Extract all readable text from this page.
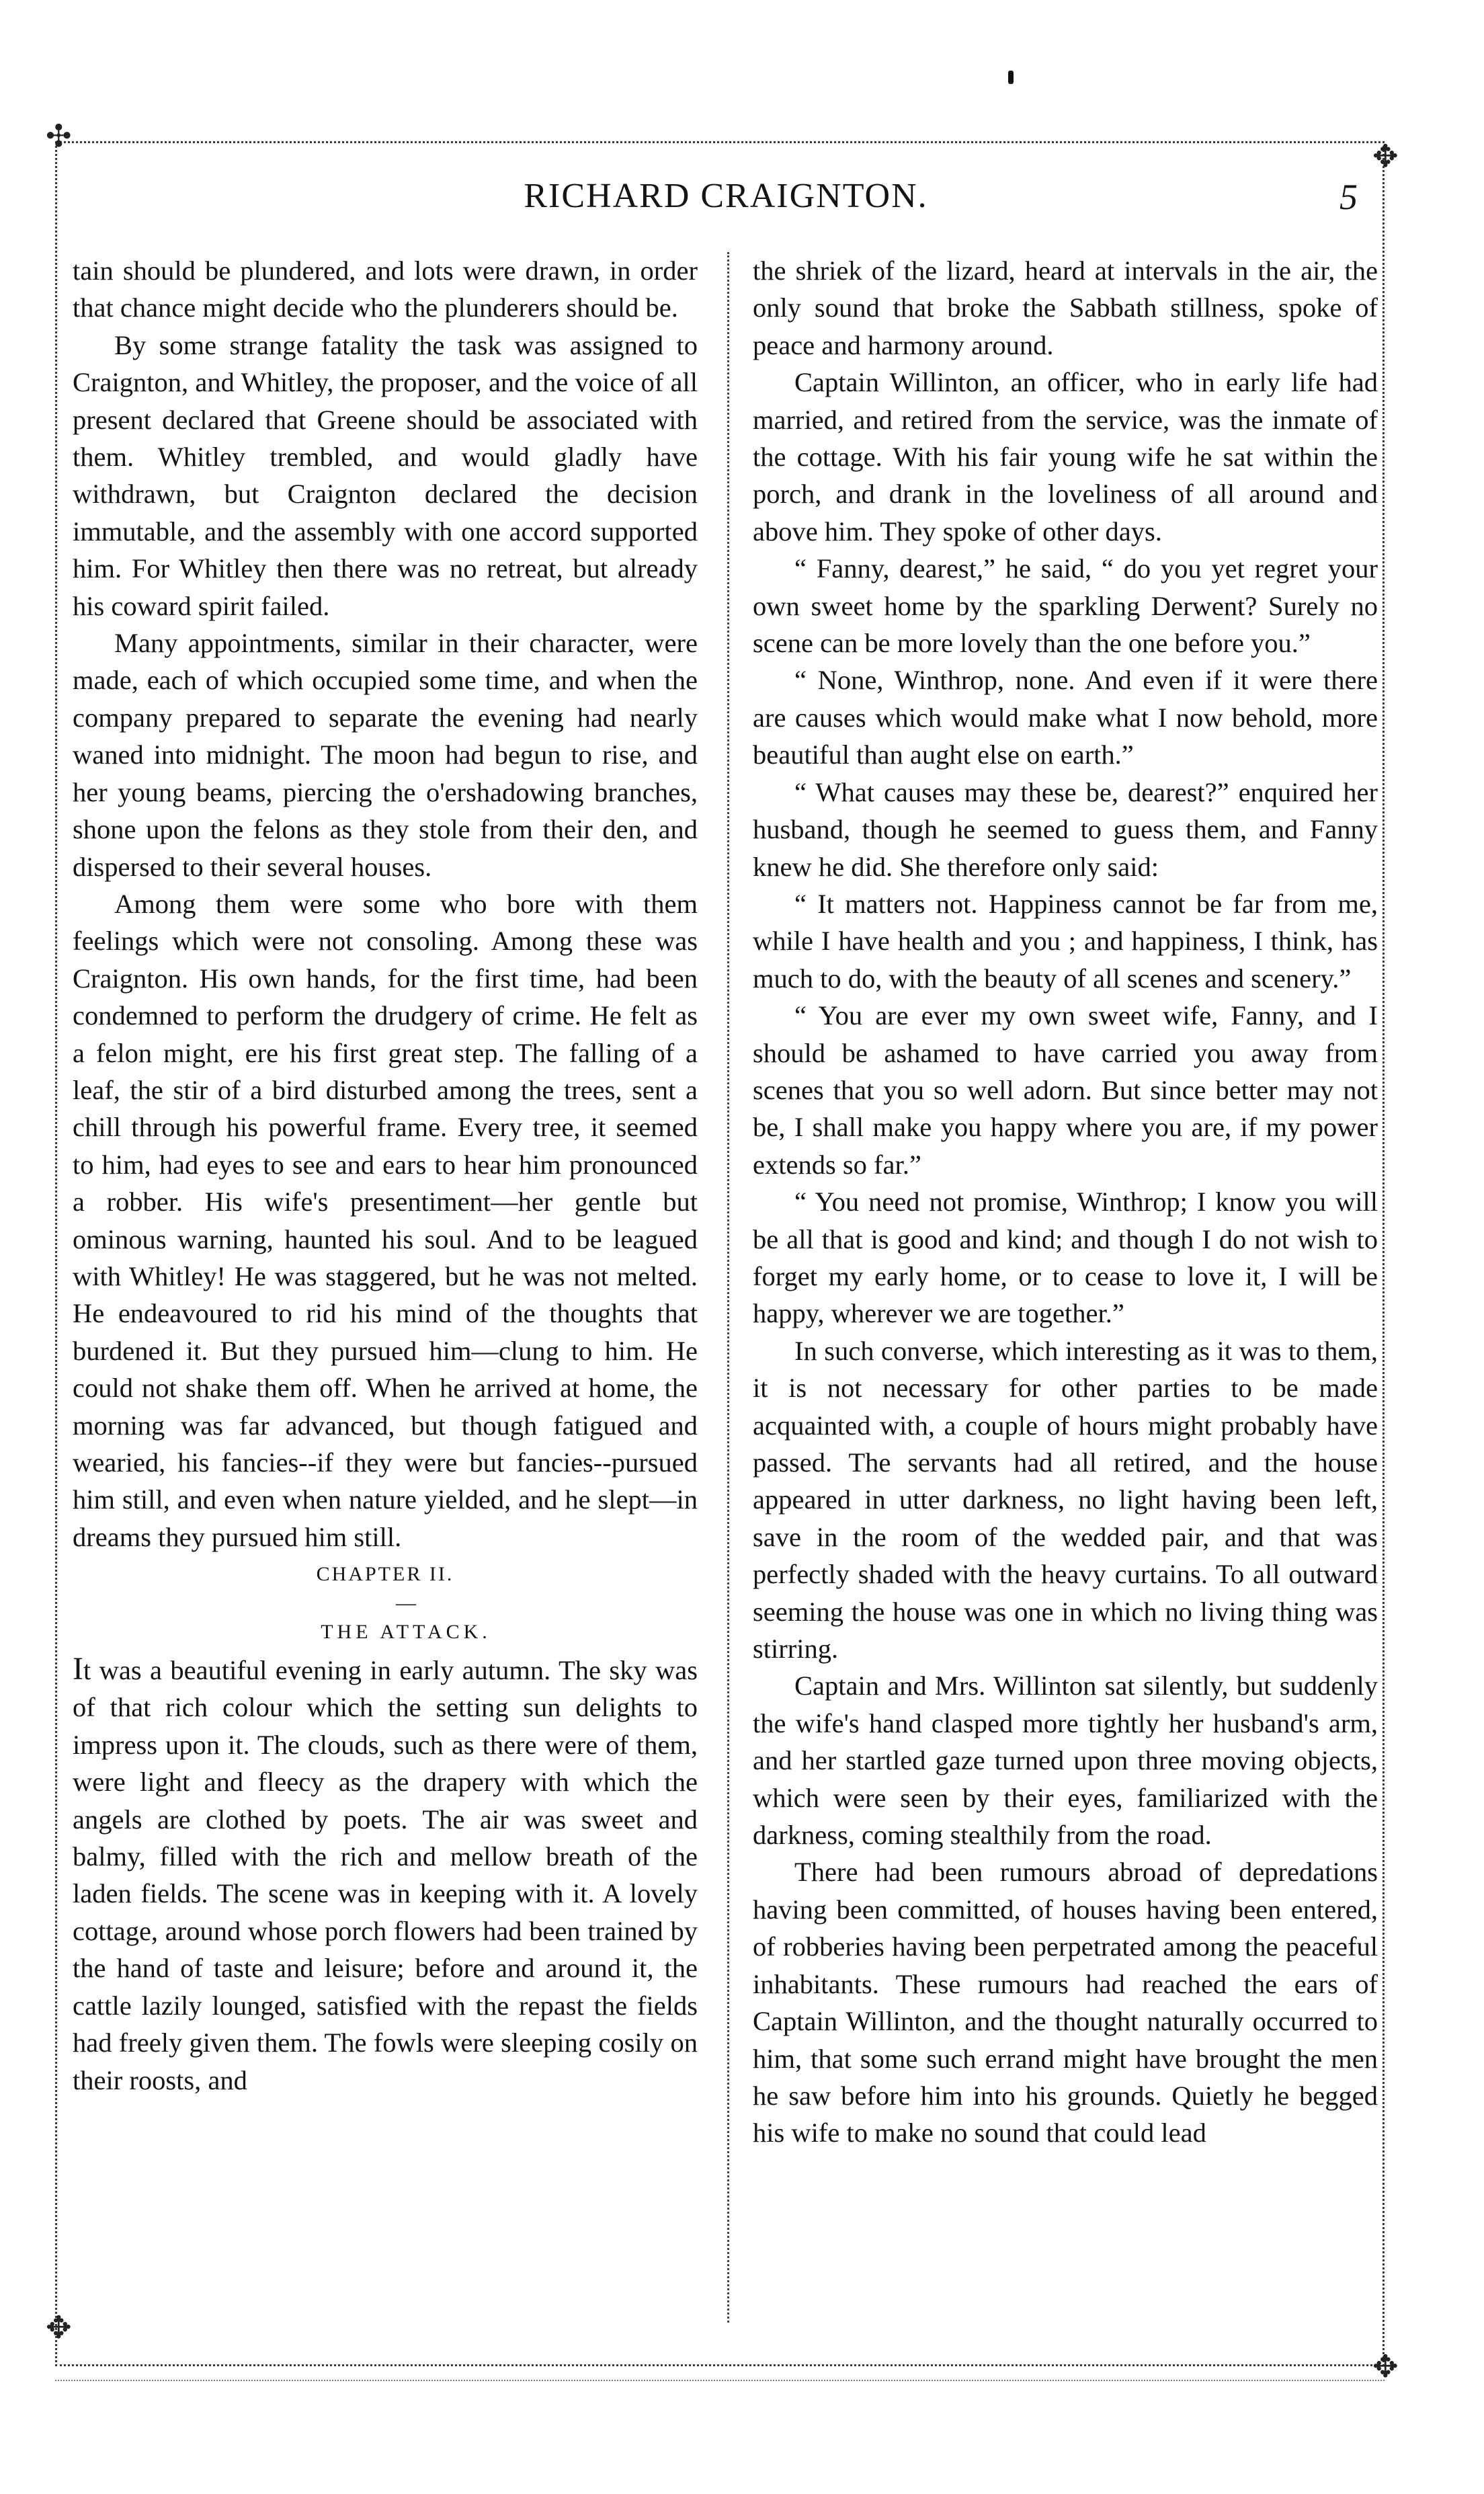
✣
✥
✥
✥
RICHARD CRAIGNTON.	5

tain should be plundered, and lots were drawn, in order that chance might decide who the plunderers should be.

By some strange fatality the task was assigned to Craignton, and Whitley, the proposer, and the voice of all present declared that Greene should be associated with them. Whitley trembled, and would gladly have withdrawn, but Craignton declared the decision immutable, and the assembly with one accord supported him. For Whitley then there was no retreat, but already his coward spirit failed.

Many appointments, similar in their character, were made, each of which occupied some time, and when the company prepared to separate the evening had nearly waned into midnight. The moon had begun to rise, and her young beams, piercing the o'ershadowing branches, shone upon the felons as they stole from their den, and dispersed to their several houses.

Among them were some who bore with them feelings which were not consoling. Among these was Craignton. His own hands, for the first time, had been condemned to perform the drudgery of crime. He felt as a felon might, ere his first great step. The falling of a leaf, the stir of a bird disturbed among the trees, sent a chill through his powerful frame. Every tree, it seemed to him, had eyes to see and ears to hear him pronounced a robber. His wife's presentiment—her gentle but ominous warning, haunted his soul. And to be leagued with Whitley! He was staggered, but he was not melted. He endeavoured to rid his mind of the thoughts that burdened it. But they pursued him—clung to him. He could not shake them off. When he arrived at home, the morning was far advanced, but though fatigued and wearied, his fancies--if they were but fancies--pursued him still, and even when nature yielded, and he slept—in dreams they pursued him still.

CHAPTER II.

—

THE ATTACK.

It was a beautiful evening in early autumn. The sky was of that rich colour which the setting sun delights to impress upon it. The clouds, such as there were of them, were light and fleecy as the drapery with which the angels are clothed by poets. The air was sweet and balmy, filled with the rich and mellow breath of the laden fields. The scene was in keeping with it. A lovely cottage, around whose porch flowers had been trained by the hand of taste and leisure; before and around it, the cattle lazily lounged, satisfied with the repast the fields had freely given them. The fowls were sleeping cosily on their roosts, and

the shriek of the lizard, heard at intervals in the air, the only sound that broke the Sabbath stillness, spoke of peace and harmony around.

Captain Willinton, an officer, who in early life had married, and retired from the service, was the inmate of the cottage. With his fair young wife he sat within the porch, and drank in the loveliness of all around and above him. They spoke of other days.

“ Fanny, dearest,” he said, “ do you yet regret your own sweet home by the sparkling Derwent? Surely no scene can be more lovely than the one before you.”

“ None, Winthrop, none. And even if it were there are causes which would make what I now behold, more beautiful than aught else on earth.”

“ What causes may these be, dearest?” enquired her husband, though he seemed to guess them, and Fanny knew he did. She therefore only said:

“ It matters not. Happiness cannot be far from me, while I have health and you ; and happiness, I think, has much to do, with the beauty of all scenes and scenery.”

“ You are ever my own sweet wife, Fanny, and I should be ashamed to have carried you away from scenes that you so well adorn. But since better may not be, I shall make you happy where you are, if my power extends so far.”

“ You need not promise, Winthrop; I know you will be all that is good and kind; and though I do not wish to forget my early home, or to cease to love it, I will be happy, wherever we are together.”

In such converse, which interesting as it was to them, it is not necessary for other parties to be made acquainted with, a couple of hours might probably have passed. The servants had all retired, and the house appeared in utter darkness, no light having been left, save in the room of the wedded pair, and that was perfectly shaded with the heavy curtains. To all outward seeming the house was one in which no living thing was stirring.

Captain and Mrs. Willinton sat silently, but suddenly the wife's hand clasped more tightly her husband's arm, and her startled gaze turned upon three moving objects, which were seen by their eyes, familiarized with the darkness, coming stealthily from the road.

There had been rumours abroad of depredations having been committed, of houses having been entered, of robberies having been perpetrated among the peaceful inhabitants. These rumours had reached the ears of Captain Willinton, and the thought naturally occurred to him, that some such errand might have brought the men he saw before him into his grounds. Quietly he begged his wife to make no sound that could lead
